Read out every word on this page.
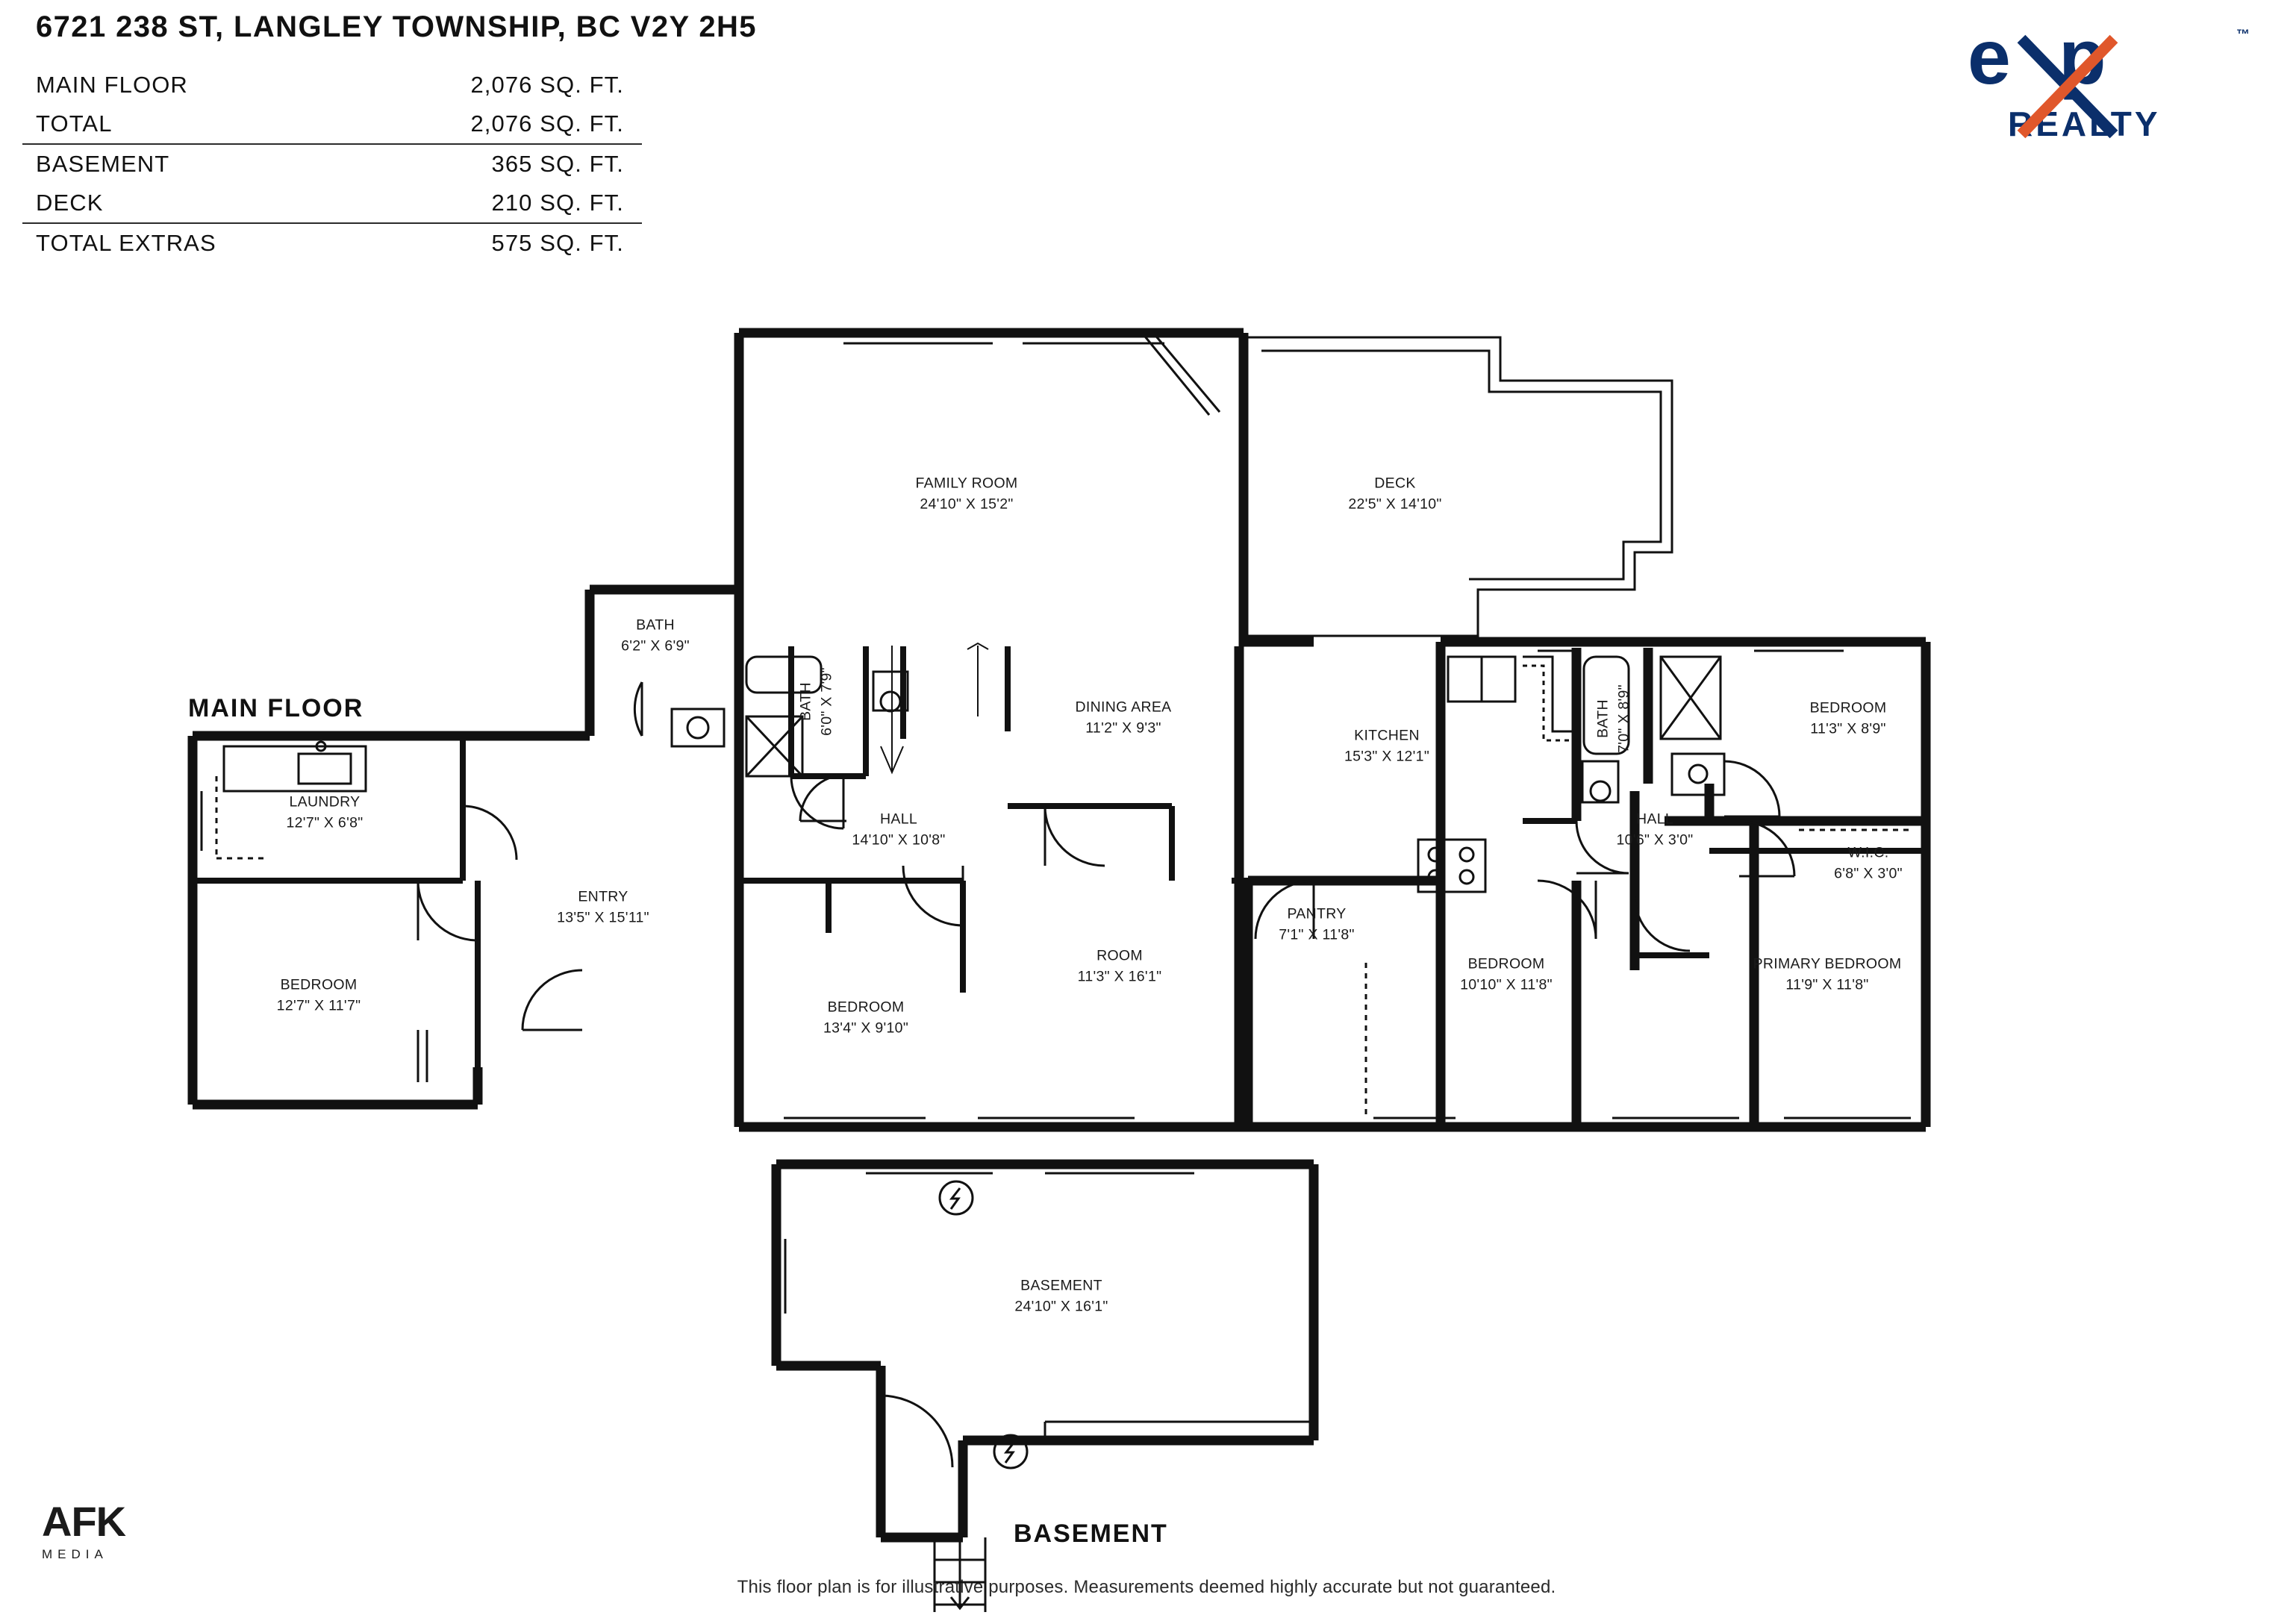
6721 238 ST, LANGLEY TOWNSHIP, BC V2Y 2H5
MAIN FLOOR	2,076 SQ. FT.
TOTAL	2,076 SQ. FT.
BASEMENT	365 SQ. FT.
DECK	210 SQ. FT.
TOTAL EXTRAS	575 SQ. FT.
e p
REALTY
™
MAIN FLOOR
BASEMENT
FAMILY ROOM
24'10" X 15'2"
DECK
22'5" X 14'10"
BATH
6'2" X 6'9"
BATH 6'0" X 7'9"	DINING AREA
11'2" X 9'3"	KITCHEN
15'3" X 12'1"
BATH 7'0" X 8'9"	BEDROOM
11'3" X 8'9"
LAUNDRY
12'7" X 6'8"	HALL
14'10" X 10'8"
HALL
10'6" X 3'0"
W.I.C.
6'8" X 3'0"
ENTRY
13'5" X 15'11"	PANTRY
7'1" X 11'8"
ROOM
11'3" X 16'1"
BEDROOM
12'7" X 11'7"
BEDROOM
10'10" X 11'8"
PRIMARY BEDROOM
11'9" X 11'8"
BEDROOM
13'4" X 9'10"
BASEMENT
24'10" X 16'1"
AFK
MEDIA
This floor plan is for illustrative purposes. Measurements deemed highly accurate but not guaranteed.
